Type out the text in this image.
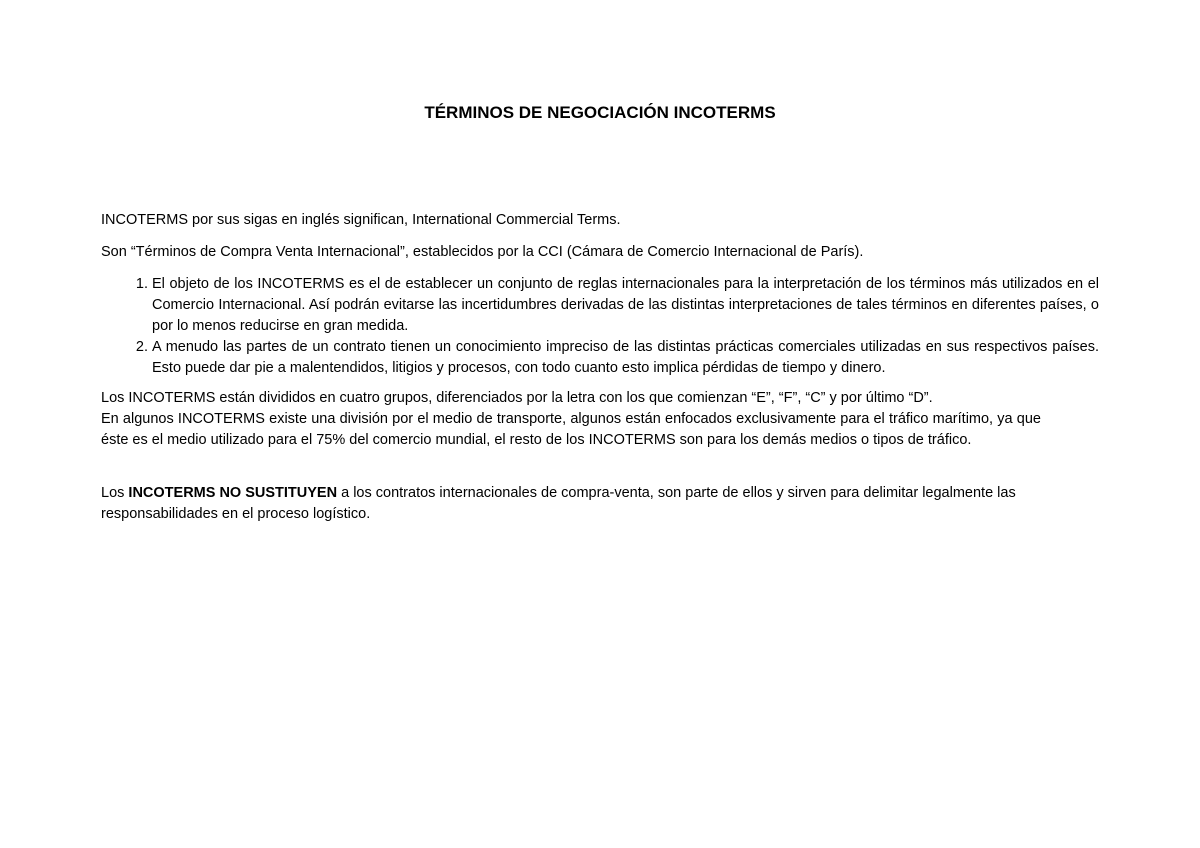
TÉRMINOS DE NEGOCIACIÓN INCOTERMS

INCOTERMS por sus sigas en inglés significan, International Commercial Terms.

Son “Términos de Compra Venta Internacional”, establecidos por la CCI (Cámara de Comercio Internacional de París).

1. El objeto de los INCOTERMS es el de establecer un conjunto de reglas internacionales para la interpretación de los términos más utilizados en el Comercio Internacional. Así podrán evitarse las incertidumbres derivadas de las distintas interpretaciones de tales términos en diferentes países, o por lo menos reducirse en gran medida.
2. A menudo las partes de un contrato tienen un conocimiento impreciso de las distintas prácticas comerciales utilizadas en sus respectivos países. Esto puede dar pie a malentendidos, litigios y procesos, con todo cuanto esto implica pérdidas de tiempo y dinero.

Los INCOTERMS están divididos en cuatro grupos, diferenciados por la letra con los que comienzan “E”, “F”, “C” y por último “D”.

En algunos INCOTERMS existe una división por el medio de transporte, algunos están enfocados exclusivamente para el tráfico marítimo, ya que éste es el medio utilizado para el 75% del comercio mundial, el resto de los INCOTERMS son para los demás medios o tipos de tráfico.

Los INCOTERMS NO SUSTITUYEN a los contratos internacionales de compra-venta, son parte de ellos y sirven para delimitar legalmente las responsabilidades en el proceso logístico.
